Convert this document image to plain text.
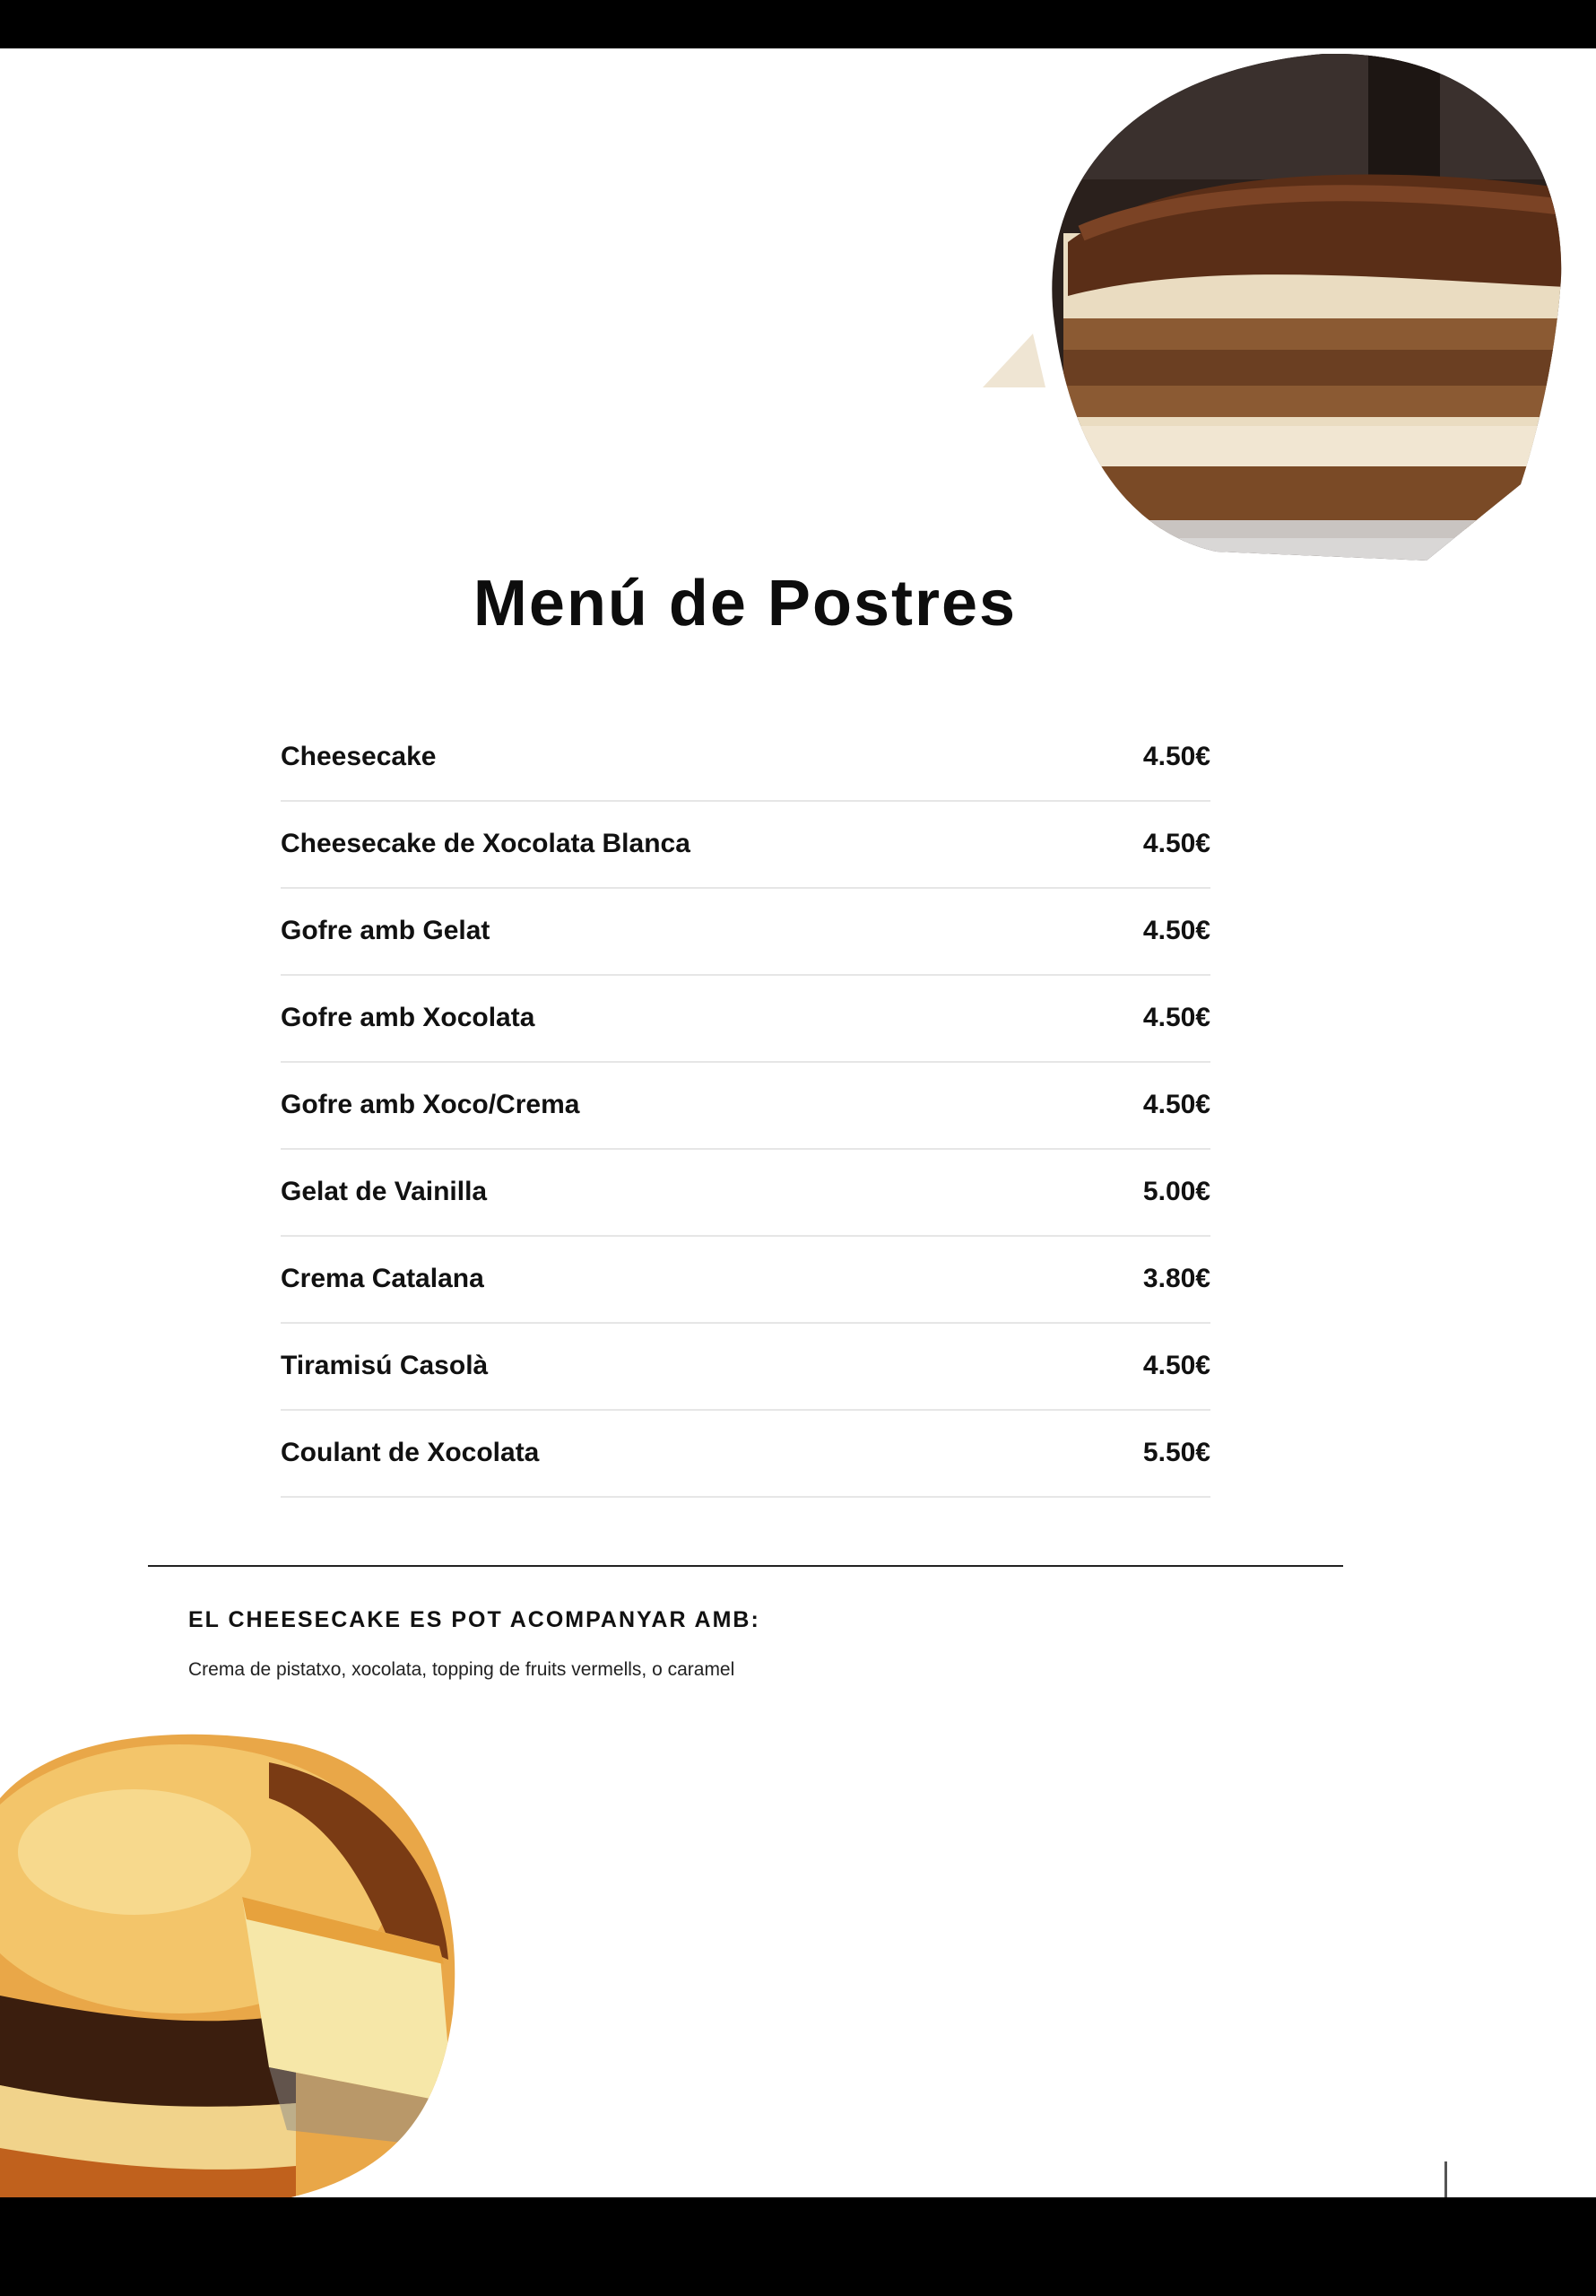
Menú de Postres
Cheesecake	4.50€
Cheesecake de Xocolata Blanca	4.50€
Gofre amb Gelat	4.50€
Gofre amb Xocolata	4.50€
Gofre amb Xoco/Crema	4.50€
Gelat de Vainilla	5.00€
Crema Catalana	3.80€
Tiramisú Casolà	4.50€
Coulant de Xocolata	5.50€
EL CHEESECAKE ES POT ACOMPANYAR AMB:
Crema de pistatxo, xocolata, topping de fruits vermells, o caramel
